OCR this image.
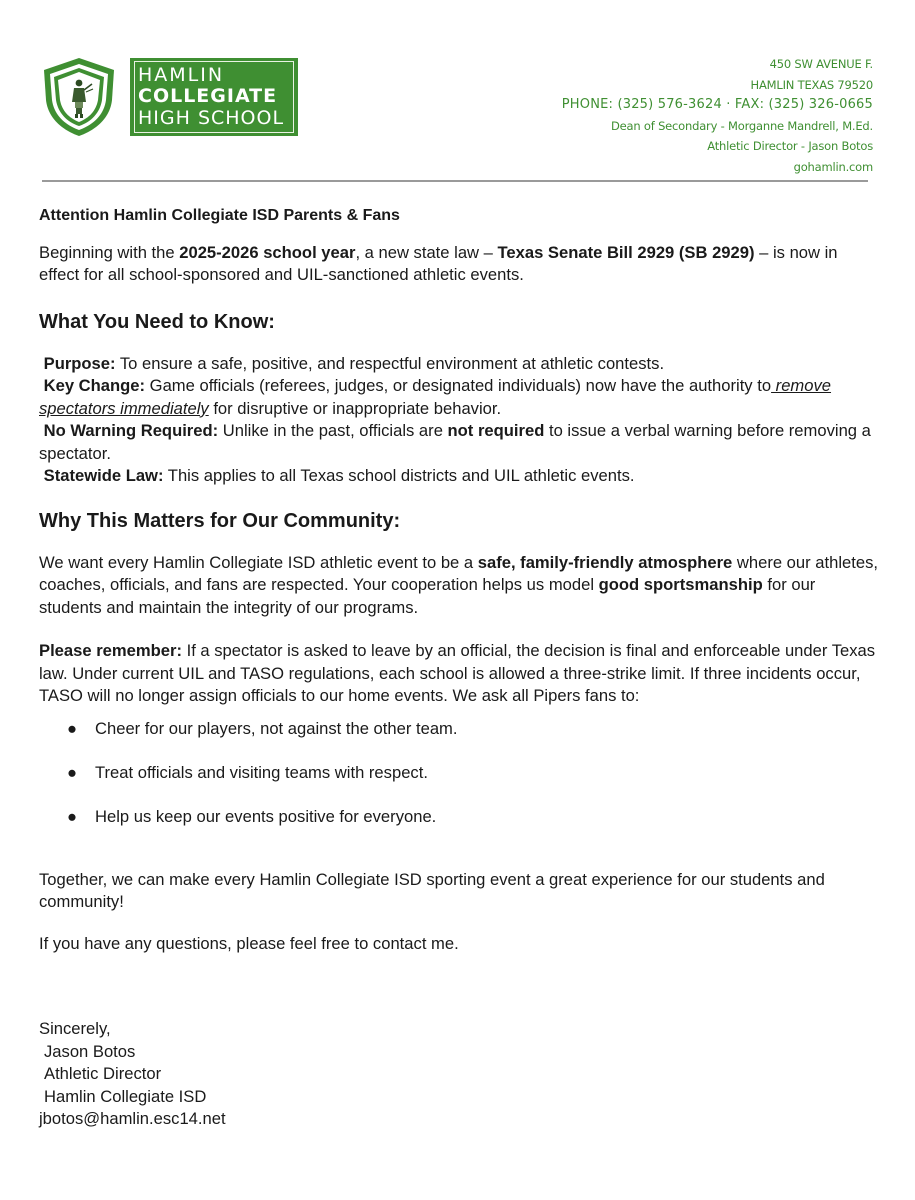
HAMLIN
COLLEGIATE
HIGH SCHOOL
450 SW AVENUE F.
HAMLIN TEXAS 79520
PHONE: (325) 576-3624 · FAX: (325) 326-0665
Dean of Secondary - Morganne Mandrell, M.Ed.
Athletic Director - Jason Botos
gohamlin.com

Attention Hamlin Collegiate ISD Parents & Fans

Beginning with the 2025-2026 school year, a new state law – Texas Senate Bill 2929 (SB 2929) – is now in effect for all school-sponsored and UIL-sanctioned athletic events.

What You Need to Know:

Purpose: To ensure a safe, positive, and respectful environment at athletic contests.

Key Change: Game officials (referees, judges, or designated individuals) now have the authority to remove spectators immediately for disruptive or inappropriate behavior.

No Warning Required: Unlike in the past, officials are not required to issue a verbal warning before removing a spectator.

Statewide Law: This applies to all Texas school districts and UIL athletic events.

Why This Matters for Our Community:

We want every Hamlin Collegiate ISD athletic event to be a safe, family-friendly atmosphere where our athletes, coaches, officials, and fans are respected. Your cooperation helps us model good sportsmanship for our students and maintain the integrity of our programs.

Please remember: If a spectator is asked to leave by an official, the decision is final and enforceable under Texas law. Under current UIL and TASO regulations, each school is allowed a three-strike limit. If three incidents occur, TASO will no longer assign officials to our home events. We ask all Pipers fans to:

● Cheer for our players, not against the other team.
● Treat officials and visiting teams with respect.
● Help us keep our events positive for everyone.

Together, we can make every Hamlin Collegiate ISD sporting event a great experience for our students and community!

If you have any questions, please feel free to contact me.

Sincerely,

Jason Botos

Athletic Director

Hamlin Collegiate ISD

jbotos@hamlin.esc14.net
